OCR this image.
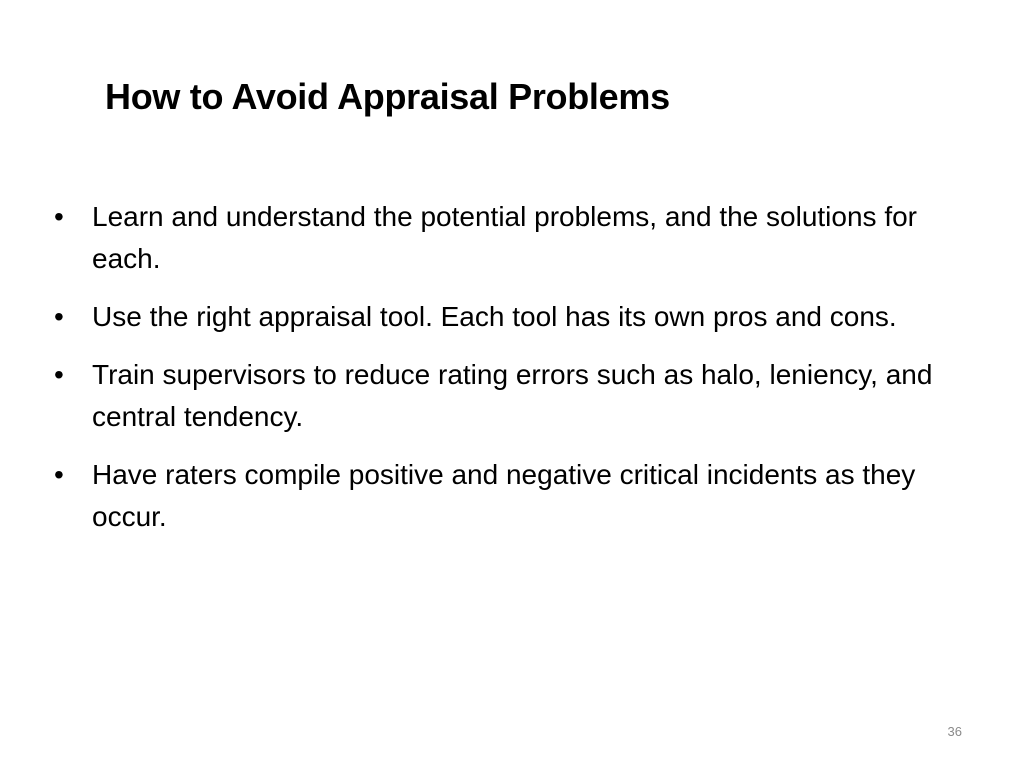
How to Avoid Appraisal Problems
•	Learn and understand the potential problems, and the solutions for each.
•	Use the right appraisal tool. Each tool has its own pros and cons.
•	Train supervisors to reduce rating errors such as halo, leniency, and central tendency.
•	Have raters compile positive and negative critical incidents as they occur.
36
